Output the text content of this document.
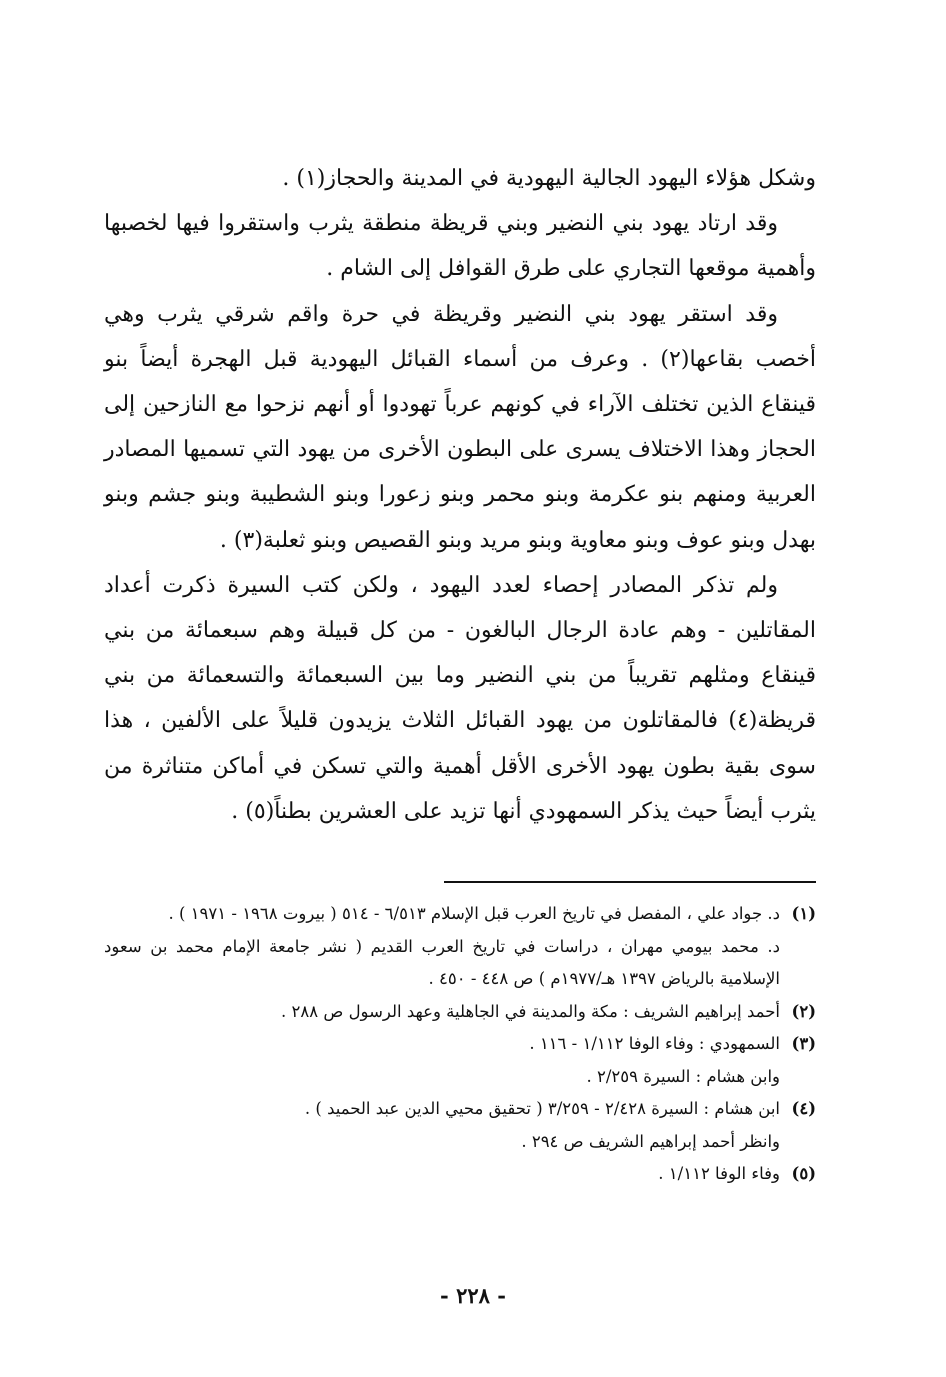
وشكل هؤلاء اليهود الجالية اليهودية في المدينة والحجاز(١) .

وقد ارتاد يهود بني النضير وبني قريظة منطقة يثرب واستقروا فيها لخصبها وأهمية موقعها التجاري على طرق القوافل إلى الشام .

وقد استقر يهود بني النضير وقريظة في حرة واقم شرقي يثرب وهي أخصب بقاعها(٢) . وعرف من أسماء القبائل اليهودية قبل الهجرة أيضاً بنو قينقاع الذين تختلف الآراء في كونهم عرباً تهودوا أو أنهم نزحوا مع النازحين إلى الحجاز وهذا الاختلاف يسرى على البطون الأخرى من يهود التي تسميها المصادر العربية ومنهم بنو عكرمة وبنو محمر وبنو زعورا وبنو الشطيبة وبنو جشم وبنو بهدل وبنو عوف وبنو معاوية وبنو مريد وبنو القصيص وبنو ثعلبة(٣) .

ولم تذكر المصادر إحصاء لعدد اليهود ، ولكن كتب السيرة ذكرت أعداد المقاتلين - وهم عادة الرجال البالغون - من كل قبيلة وهم سبعمائة من بني قينقاع ومثلهم تقريباً من بني النضير وما بين السبعمائة والتسعمائة من بني قريظة(٤) فالمقاتلون من يهود القبائل الثلاث يزيدون قليلاً على الألفين ، هذا سوى بقية بطون يهود الأخرى الأقل أهمية والتي تسكن في أماكن متناثرة من يثرب أيضاً حيث يذكر السمهودي أنها تزيد على العشرين بطناً(٥) .

(١)
د. جواد علي ، المفصل في تاريخ العرب قبل الإسلام ٦/٥١٣ - ٥١٤ ( بيروت ١٩٦٨ - ١٩٧١ ) .

د. محمد بيومي مهران ، دراسات في تاريخ العرب القديم ( نشر جامعة الإمام محمد بن سعود الإسلامية بالرياض ١٣٩٧ هـ/١٩٧٧م ) ص ٤٤٨ - ٤٥٠ .

(٢)
أحمد إبراهيم الشريف : مكة والمدينة في الجاهلية وعهد الرسول ص ٢٨٨ .

(٣)
السمهودي : وفاء الوفا ١/١١٢ - ١١٦ .

وابن هشام : السيرة ٢/٢٥٩ .

(٤)
ابن هشام : السيرة ٢/٤٢٨ - ٣/٢٥٩ ( تحقيق محيي الدين عبد الحميد ) .

وانظر أحمد إبراهيم الشريف ص ٢٩٤ .

(٥)
وفاء الوفا ١/١١٢ .

- ٢٢٨ -
